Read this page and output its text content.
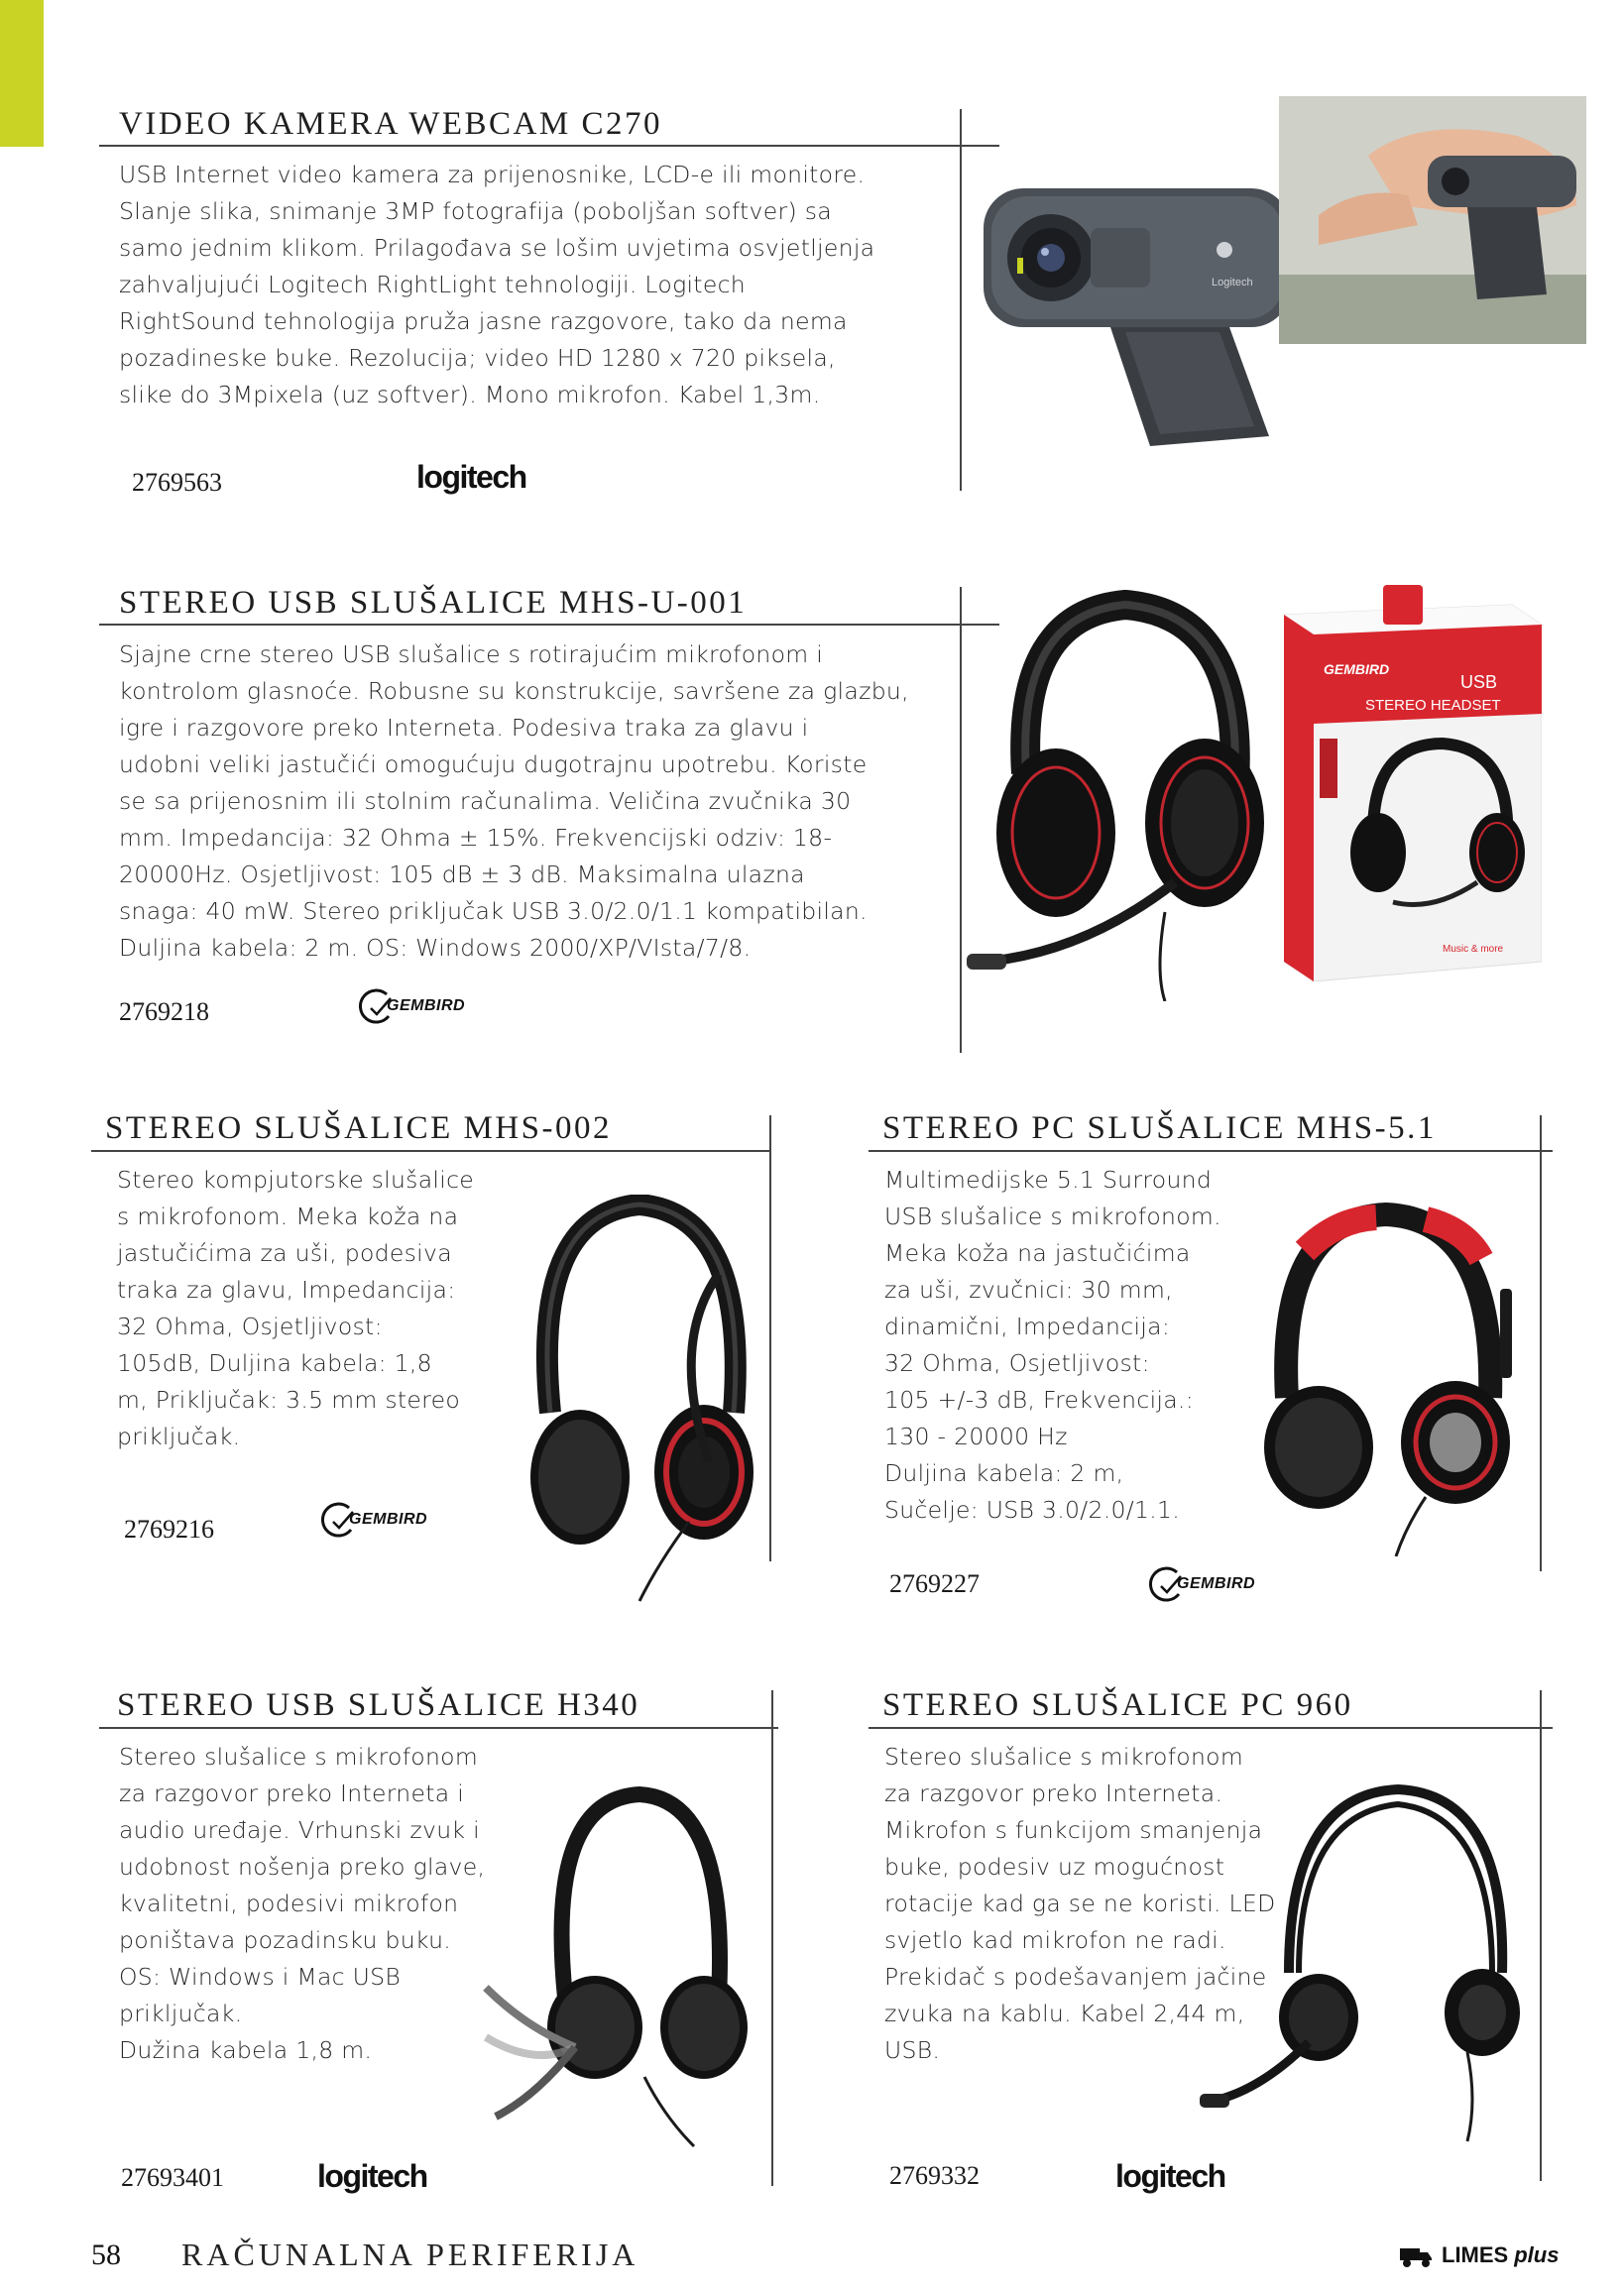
VIDEO KAMERA WEBCAM C270
USB Internet video kamera za prijenosnike, LCD-e ili monitore.
Slanje slika, snimanje 3MP fotografija (poboljšan softver) sa
samo jednim klikom. Prilagođava se lošim uvjetima osvjetljenja
zahvaljujući Logitech RightLight tehnologiji. Logitech
RightSound tehnologija pruža jasne razgovore, tako da nema
pozadineske buke. Rezolucija; video HD 1280 x 720 piksela,
slike do 3Mpixela (uz softver). Mono mikrofon. Kabel 1,3m.
2769563	logitech
Logitech
STEREO USB SLUŠALICE MHS-U-001
Sjajne crne stereo USB slušalice s rotirajućim mikrofonom i
kontrolom glasnoće. Robusne su konstrukcije, savršene za glazbu,
igre i razgovore preko Interneta. Podesiva traka za glavu i
udobni veliki jastučići omogućuju dugotrajnu upotrebu. Koriste
se sa prijenosnim ili stolnim računalima. Veličina zvučnika 30
mm. Impedancija: 32 Ohma ± 15%. Frekvencijski odziv: 18-
20000Hz. Osjetljivost: 105 dB ± 3 dB. Maksimalna ulazna
snaga: 40 mW. Stereo priključak USB 3.0/2.0/1.1 kompatibilan.
Duljina kabela: 2 m. OS: Windows 2000/XP/VIsta/7/8.
2769218	GEMBIRD
GEMBIRD
USB
STEREO HEADSET
Music & more
STEREO SLUŠALICE MHS-002
Stereo kompjutorske slušalice
s mikrofonom. Meka koža na
jastučićima za uši, podesiva
traka za glavu, Impedancija:
32 Ohma, Osjetljivost:
105dB, Duljina kabela: 1,8
m, Priključak: 3.5 mm stereo
priključak.
2769216	GEMBIRD
STEREO PC SLUŠALICE MHS-5.1
Multimedijske 5.1 Surround
USB slušalice s mikrofonom.
Meka koža na jastučićima
za uši, zvučnici: 30 mm,
dinamični, Impedancija:
32 Ohma, Osjetljivost:
105 +/-3 dB, Frekvencija.:
130 - 20000 Hz
Duljina kabela: 2 m,
Sučelje: USB 3.0/2.0/1.1.
2769227	GEMBIRD
STEREO USB SLUŠALICE H340
Stereo slušalice s mikrofonom
za razgovor preko Interneta i
audio uređaje. Vrhunski zvuk i
udobnost nošenja preko glave,
kvalitetni, podesivi mikrofon
poništava pozadinsku buku.
OS: Windows i Mac USB
priključak.
Dužina kabela 1,8 m.
27693401	logitech
STEREO SLUŠALICE PC 960
Stereo slušalice s mikrofonom
za razgovor preko Interneta.
Mikrofon s funkcijom smanjenja
buke, podesiv uz mogućnost
rotacije kad ga se ne koristi. LED
svjetlo kad mikrofon ne radi.
Prekidač s podešavanjem jačine
zvuka na kablu. Kabel 2,44 m,
USB.
2769332	logitech
58 RAČUNALNA PERIFERIJA	LIMES plus
